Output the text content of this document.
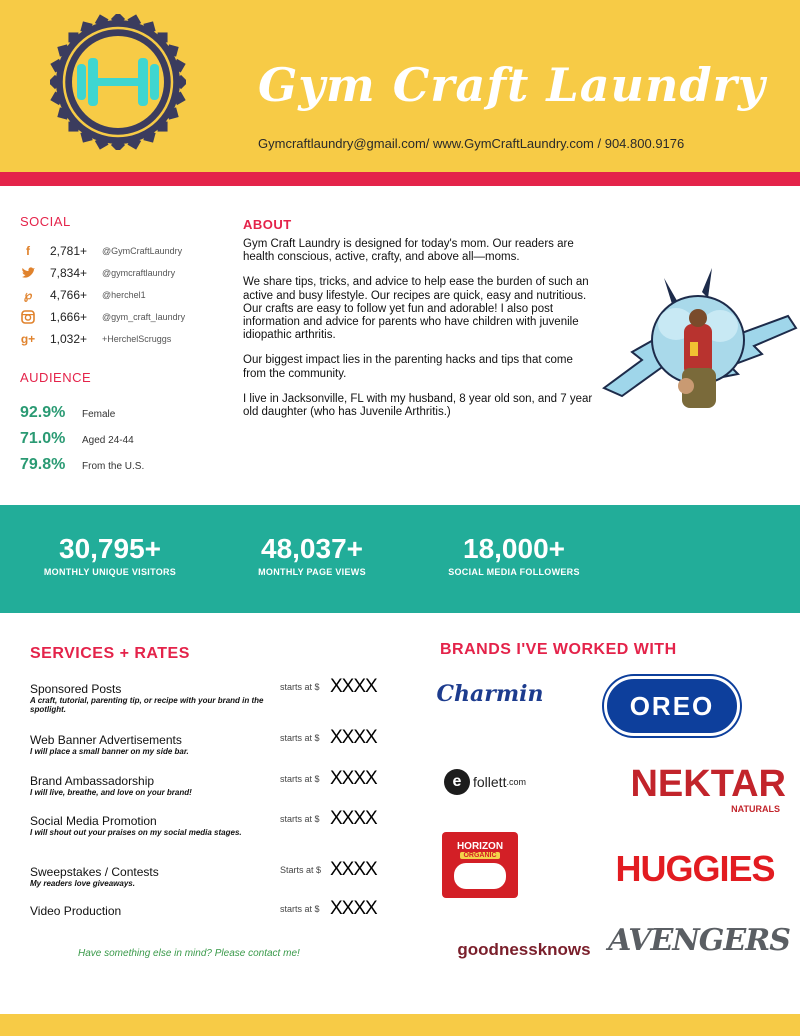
Gym Craft Laundry
Gymcraftlaundry@gmail.com/ www.GymCraftLaundry.com / 904.800.9176
SOCIAL
f	2,781+	@GymCraftLaundry
7,834+	@gymcraftlaundry
℘	4,766+	@herchel1
1,666+	@gym_craft_laundry
g+ 1,032+	+HerchelScruggs
AUDIENCE
92.9%	Female
71.0%	Aged 24-44
79.8%	From the U.S.
ABOUT

Gym Craft Laundry is designed for today's mom. Our readers are health conscious, active, crafty, and above all—moms.

We share tips, tricks, and advice to help ease the burden of such an active and busy lifestyle. Our recipes are quick, easy and nutritious. Our crafts are easy to follow yet fun and adorable! I also post information and advice for parents who have children with juvenile idiopathic arthritis.

Our biggest impact lies in the parenting hacks and tips that come from the community.

I live in Jacksonville, FL with my husband, 8 year old son, and 7 year old daughter (who has Juvenile Arthritis.)

30,795+
MONTHLY UNIQUE VISITORS
48,037+
MONTHLY PAGE VIEWS
18,000+
SOCIAL MEDIA FOLLOWERS
SERVICES + RATES
Sponsored Posts
A craft, tutorial, parenting tip, or recipe with your brand in the spotlight.
starts at $ XXXX
Web Banner Advertisements
I will place a small banner on my side bar.
starts at $ XXXX
Brand Ambassadorship
I will live, breathe, and love on your brand!
starts at $ XXXX
Social Media Promotion
I will shout out your praises on my social media stages.
starts at $ XXXX
Sweepstakes / Contests
My readers love giveaways.
Starts at $ XXXX
Video Production	starts at $ XXXX
Have something else in mind? Please contact me!
BRANDS I'VE WORKED WITH
Charmin	OREO
e follett .com	NEKTAR
NATURALS
HORIZON
ORGANIC	HUGGIES
goodnessknows AVENGERS
